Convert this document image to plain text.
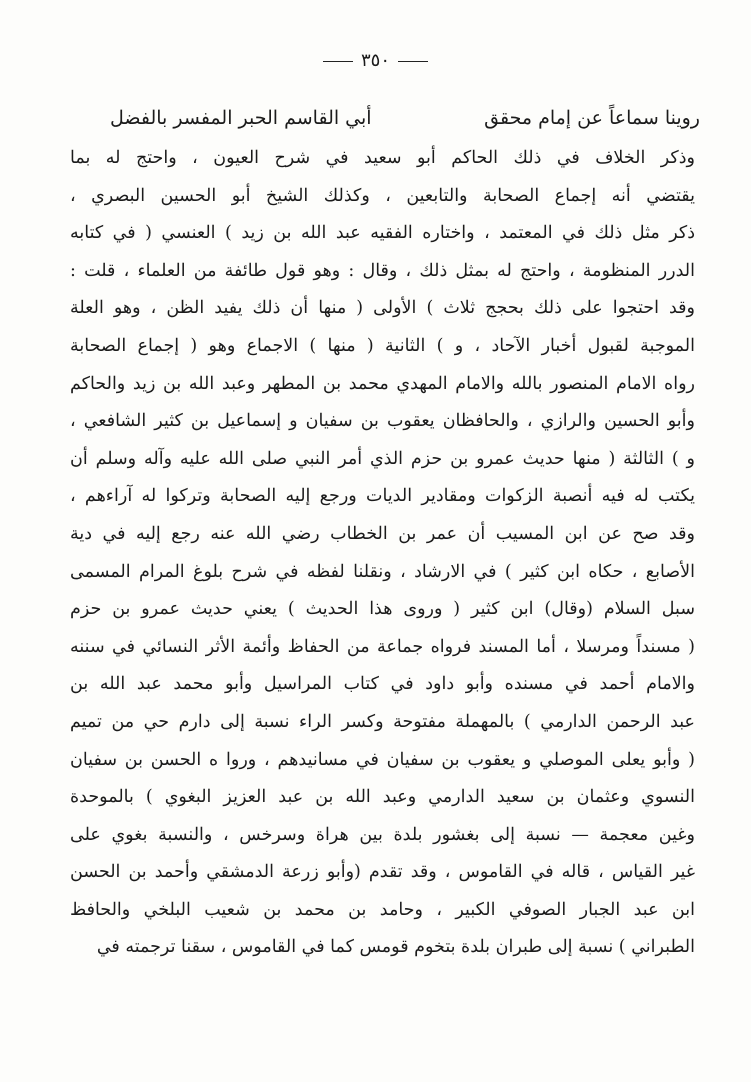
٣٥٠
روينا سماعاً عن إمام محقق
أبي القاسم الحبر المفسر بالفضل
وذكر الخلاف في ذلك الحاكم أبو سعيد في شرح العيون ، واحتج له بما
يقتضي أنه إجماع الصحابة والتابعين ، وكذلك الشيخ أبو الحسين البصري ،
ذكر مثل ذلك في المعتمد ، واختاره الفقيه عبد الله بن زيد ) العنسي ( في كتابه
الدرر المنظومة ، واحتج له بمثل ذلك ، وقال : وهو قول طائفة من العلماء ، قلت :
وقد احتجوا على ذلك بحجج ثلاث ) الأولى ( منها أن ذلك يفيد الظن ، وهو العلة
الموجبة لقبول أخبار الآحاد ، و ) الثانية ( منها ) الاجماع وهو ( إجماع الصحابة
رواه الامام المنصور بالله والامام المهدي محمد بن المطهر وعبد الله بن زيد والحاكم
وأبو الحسين والرازي ، والحافظان يعقوب بن سفيان و إسماعيل بن كثير الشافعي ،
و ) الثالثة ( منها حديث عمرو بن حزم الذي أمر النبي صلى الله عليه وآله وسلم أن
يكتب له فيه أنصبة الزكوات ومقادير الديات ورجع إليه الصحابة وتركوا له آراءهم ،
وقد صح عن ابن المسيب أن عمر بن الخطاب رضي الله عنه رجع إليه في دية
الأصابع ، حكاه ابن كثير ) في الارشاد ، ونقلنا لفظه في شرح بلوغ المرام المسمى
سبل السلام (وقال) ابن كثير ( وروى هذا الحديث ) يعني حديث عمرو بن حزم
( مسنداً ومرسلا ، أما المسند فرواه جماعة من الحفاظ وأئمة الأثر النسائي في سننه
والامام أحمد في مسنده وأبو داود في كتاب المراسيل وأبو محمد عبد الله بن
عبد الرحمن الدارمي ) بالمهملة مفتوحة وكسر الراء نسبة إلى دارم حي من تميم
( وأبو يعلى الموصلي و يعقوب بن سفيان في مسانيدهم ، وروا ه الحسن بن سفيان
النسوي وعثمان بن سعيد الدارمي وعبد الله بن عبد العزيز البغوي ) بالموحدة
وغين معجمة — نسبة إلى بغشور بلدة بين هراة وسرخس ، والنسبة بغوي على
غير القياس ، قاله في القاموس ، وقد تقدم (وأبو زرعة الدمشقي وأحمد بن الحسن
ابن عبد الجبار الصوفي الكبير ، وحامد بن محمد بن شعيب البلخي والحافظ
الطبراني ) نسبة إلى طبران بلدة بتخوم قومس كما في القاموس ، سقنا ترجمته في
